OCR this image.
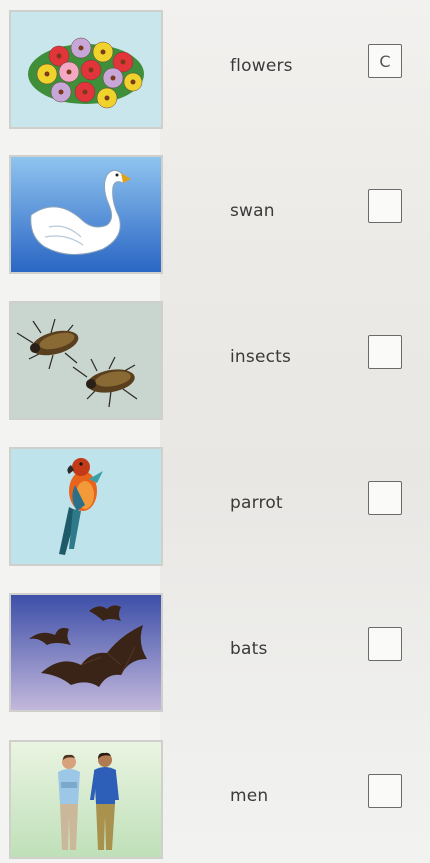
flowers	C
swan
insects
parrot
bats
men
